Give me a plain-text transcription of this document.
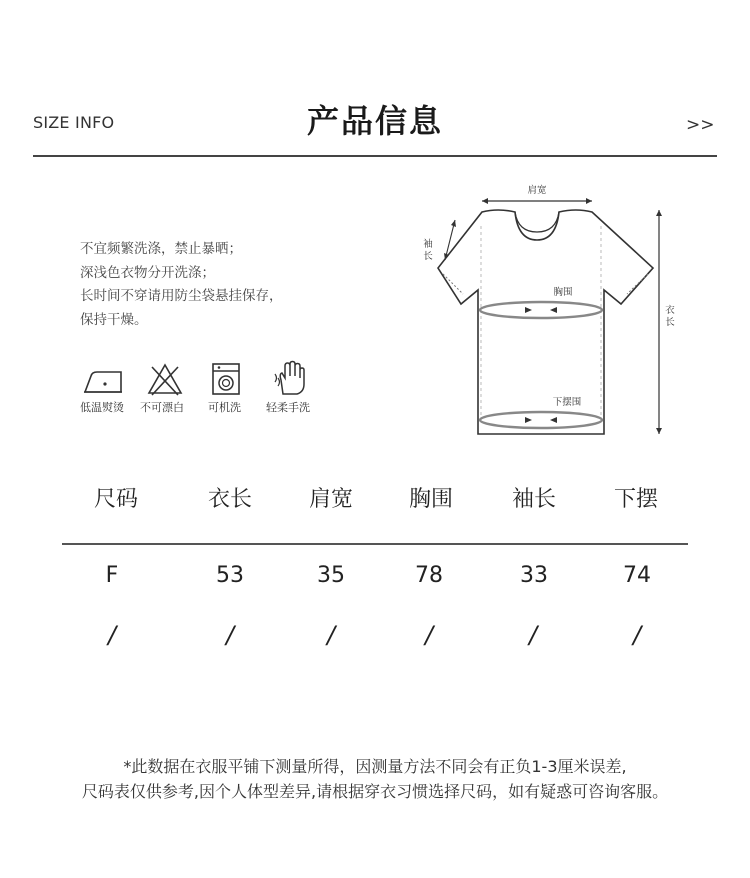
SIZE INFO	产品信息	>>
不宜频繁洗涤，禁止暴晒；
深浅色衣物分开洗涤；
长时间不穿请用防尘袋悬挂保存，
保持干燥。
低温熨烫 不可漂白 可机洗 轻柔手洗
肩宽
袖
长
胸围
衣
长
下摆围
尺码	衣长	肩宽	胸围	袖长	下摆
F	53	35	78	33	74
/	/	/	/	/	/
*此数据在衣服平铺下测量所得，因测量方法不同会有正负1-3厘米误差,
尺码表仅供参考,因个人体型差异,请根据穿衣习惯选择尺码，如有疑惑可咨询客服。
